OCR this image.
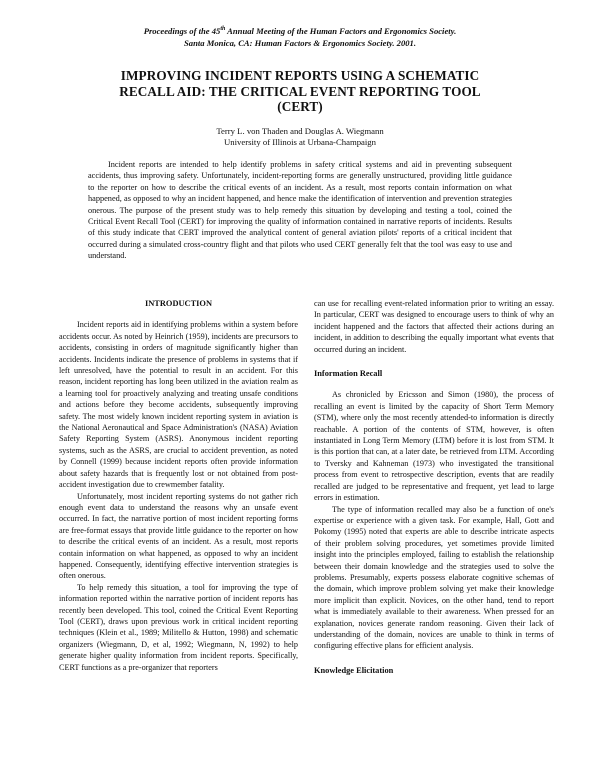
Proceedings of the 45th Annual Meeting of the Human Factors and Ergonomics Society.
Santa Monica, CA: Human Factors & Ergonomics Society. 2001.
IMPROVING INCIDENT REPORTS USING A SCHEMATIC
RECALL AID: THE CRITICAL EVENT REPORTING TOOL
(CERT)
Terry L. von Thaden and Douglas A. Wiegmann
University of Illinois at Urbana-Champaign

Incident reports are intended to help identify problems in safety critical systems and aid in preventing subsequent accidents, thus improving safety. Unfortunately, incident-reporting forms are generally unstructured, providing little guidance to the reporter on how to describe the critical events of an incident. As a result, most reports contain information on what happened, as opposed to why an incident happened, and hence make the identification of intervention and prevention strategies onerous. The purpose of the present study was to help remedy this situation by developing and testing a tool, coined the Critical Event Recall Tool (CERT) for improving the quality of information contained in narrative reports of incidents. Results of this study indicate that CERT improved the analytical content of general aviation pilots' reports of a critical incident that occurred during a simulated cross-country flight and that pilots who used CERT generally felt that the tool was easy to use and understand.

INTRODUCTION

Incident reports aid in identifying problems within a system before accidents occur. As noted by Heinrich (1959), incidents are precursors to accidents, consisting in orders of magnitude significantly higher than accidents. Incidents indicate the presence of problems in systems that if left unresolved, have the potential to result in an accident. For this reason, incident reporting has long been utilized in the aviation realm as a learning tool for proactively analyzing and treating unsafe conditions and actions before they become accidents, subsequently improving safety. The most widely known incident reporting system in aviation is the National Aeronautical and Space Administration's (NASA) Aviation Safety Reporting System (ASRS). Anonymous incident reporting systems, such as the ASRS, are crucial to accident prevention, as noted by Connell (1999) because incident reports often provide information about safety hazards that is frequently lost or not obtained from post-accident investigation due to crewmember fatality.

Unfortunately, most incident reporting systems do not gather rich enough event data to understand the reasons why an unsafe event occurred. In fact, the narrative portion of most incident reporting forms are free-format essays that provide little guidance to the reporter on how to describe the critical events of an incident. As a result, most reports contain information on what happened, as opposed to why an incident happened. Consequently, identifying effective intervention strategies is often onerous.

To help remedy this situation, a tool for improving the type of information reported within the narrative portion of incident reports has recently been developed. This tool, coined the Critical Event Reporting Tool (CERT), draws upon previous work in critical incident reporting techniques (Klein et al., 1989; Militello & Hutton, 1998) and schematic organizers (Wiegmann, D, et al, 1992; Wiegmann, N, 1992) to help generate higher quality information from incident reports. Specifically, CERT functions as a pre-organizer that reporters

can use for recalling event-related information prior to writing an essay. In particular, CERT was designed to encourage users to think of why an incident happened and the factors that affected their actions during an incident, in addition to describing the equally important what events that occurred during an incident.

Information Recall

As chronicled by Ericsson and Simon (1980), the process of recalling an event is limited by the capacity of Short Term Memory (STM), where only the most recently attended-to information is directly reachable. A portion of the contents of STM, however, is often instantiated in Long Term Memory (LTM) before it is lost from STM. It is this portion that can, at a later date, be retrieved from LTM. According to Tversky and Kahneman (1973) who investigated the transitional process from event to retrospective description, events that are readily recalled are judged to be representative and frequent, yet lead to large errors in estimation.

The type of information recalled may also be a function of one's expertise or experience with a given task. For example, Hall, Gott and Pokomy (1995) noted that experts are able to describe intricate aspects of their problem solving procedures, yet sometimes provide limited insight into the principles employed, failing to establish the relationship between their domain knowledge and the strategies used to solve the problems. Presumably, experts possess elaborate cognitive schemas of the domain, which improve problem solving yet make their knowledge more implicit than explicit. Novices, on the other hand, tend to report what is immediately available to their awareness. When pressed for an explanation, novices generate random reasoning. Given their lack of understanding of the domain, novices are unable to think in terms of configuring effective plans for efficient analysis.

Knowledge Elicitation
